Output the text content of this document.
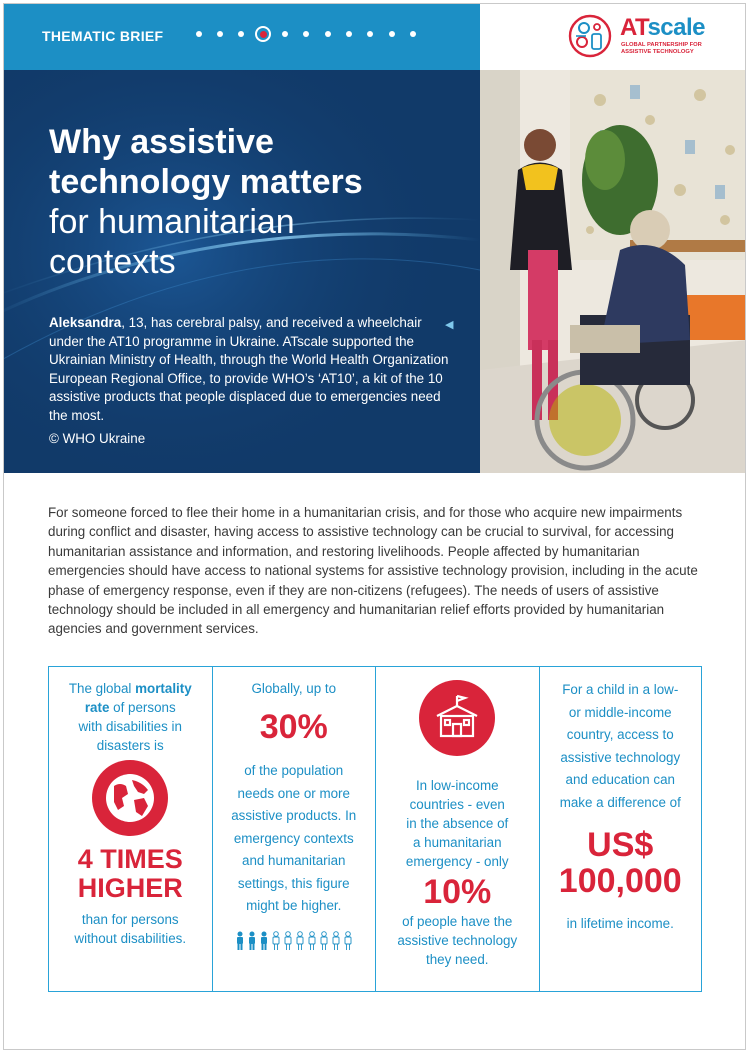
THEMATIC BRIEF	ATscale
GLOBAL PARTNERSHIP FOR
ASSISTIVE TECHNOLOGY
Why assistive
technology matters
for humanitarian
contexts

Aleksandra, 13, has cerebral palsy, and received a wheelchair under the AT10 programme in Ukraine. ATscale supported the Ukrainian Ministry of Health, through the World Health Organization European Regional Office, to provide WHO’s ‘AT10’, a kit of the 10 assistive products that people displaced due to emergencies need the most.

◀

© WHO Ukraine

For someone forced to flee their home in a humanitarian crisis, and for those who acquire new impairments during conflict and disaster, having access to assistive technology can be crucial to survival, for accessing humanitarian assistance and information, and restoring livelihoods. People affected by humanitarian emergencies should have access to national systems for assistive technology provision, including in the acute phase of emergency response, even if they are non-citizens (refugees). The needs of users of assistive technology should be included in all emergency and humanitarian relief efforts provided by humanitarian agencies and government services.

The global mortality
rate of persons
with disabilities in
disasters is
4 TIMES
HIGHER
than for persons
without disabilities.
Globally, up to
30%
of the population
needs one or more
assistive products. In
emergency contexts
and humanitarian
settings, this figure
might be higher.
In low-income
countries - even
in the absence of
a humanitarian
emergency - only
10%
of people have the
assistive technology
they need.
For a child in a low-
or middle-income
country, access to
assistive technology
and education can
make a difference of
US$
100,000
in lifetime income.
